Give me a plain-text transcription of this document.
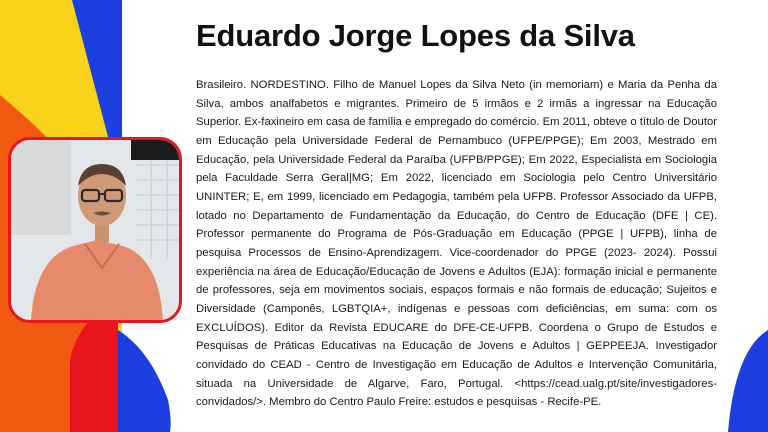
Eduardo Jorge Lopes da Silva

Brasileiro. NORDESTINO. Filho de Manuel Lopes da Silva Neto (in memoriam) e Maria da Penha da Silva, ambos analfabetos e migrantes. Primeiro de 5 irmãos e 2 irmãs a ingressar na Educação Superior. Ex-faxineiro em casa de família e empregado do comércio. Em 2011, obteve o título de Doutor em Educação pela Universidade Federal de Pernambuco (UFPE/PPGE); Em 2003, Mestrado em Educação, pela Universidade Federal da Paraíba (UFPB/PPGE); Em 2022, Especialista em Sociologia pela Faculdade Serra Geral|MG; Em 2022, licenciado em Sociologia pelo Centro Universitário UNINTER; E, em 1999, licenciado em Pedagogia, também pela UFPB. Professor Associado da UFPB, lotado no Departamento de Fundamentação da Educação, do Centro de Educação (DFE | CE). Professor permanente do Programa de Pós-Graduação em Educação (PPGE | UFPB), linha de pesquisa Processos de Ensino-Aprendizagem. Vice-coordenador do PPGE (2023- 2024). Possui experiência na área de Educação/Educação de Jovens e Adultos (EJA): formação inicial e permanente de professores, seja em movimentos sociais, espaços formais e não formais de educação; Sujeitos e Diversidade (Camponês, LGBTQIA+, indígenas e pessoas com deficiências, em suma: com os EXCLUÍDOS). Editor da Revista EDUCARE do DFE-CE-UFPB. Coordena o Grupo de Estudos e Pesquisas de Práticas Educativas na Educação de Jovens e Adultos | GEPPEEJA. Investigador convidado do CEAD - Centro de Investigação em Educação de Adultos e Intervenção Comunitária, situada na Universidade de Algarve, Faro, Portugal. <https://cead.ualg.pt/site/investigadores-convidados/>. Membro do Centro Paulo Freire: estudos e pesquisas - Recife-PE.
